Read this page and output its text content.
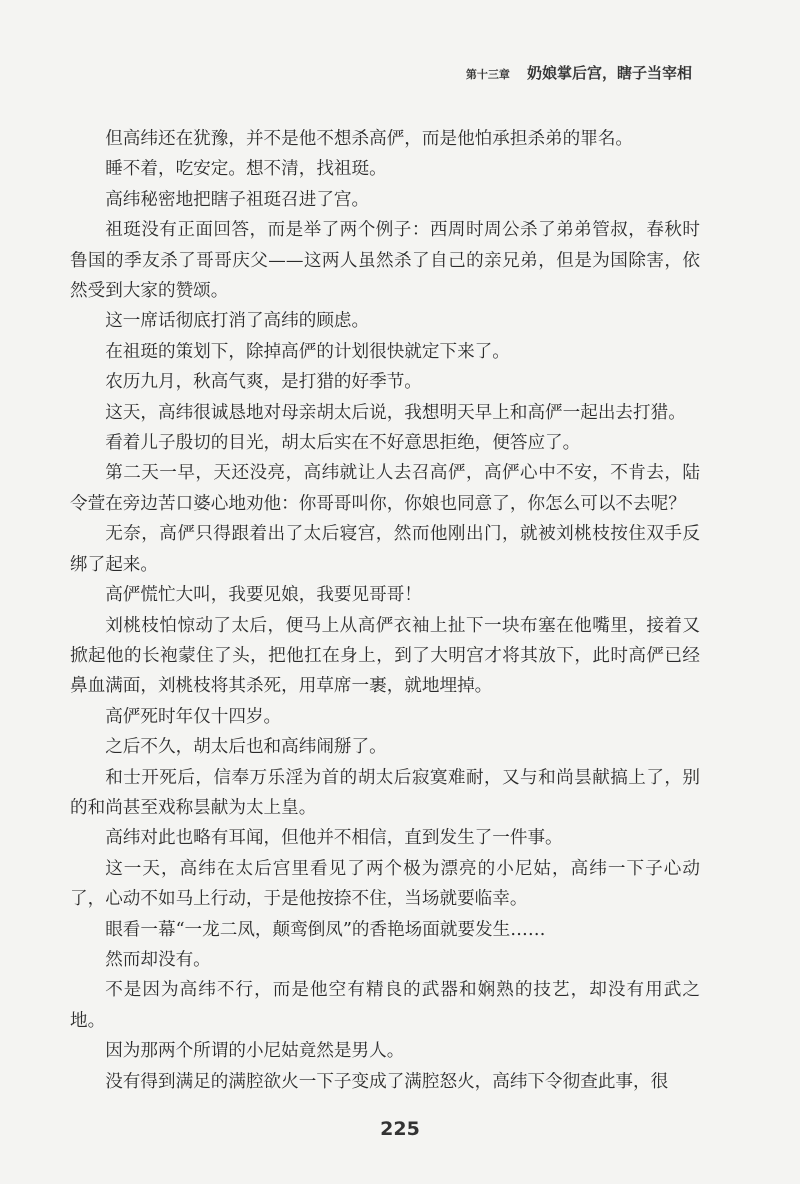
第十三章 奶娘掌后宫，瞎子当宰相

但高纬还在犹豫，并不是他不想杀高俨，而是他怕承担杀弟的罪名。

睡不着，吃安定。想不清，找祖珽。

高纬秘密地把瞎子祖珽召进了宫。

祖珽没有正面回答，而是举了两个例子：西周时周公杀了弟弟管叔，春秋时鲁国的季友杀了哥哥庆父——这两人虽然杀了自己的亲兄弟，但是为国除害，依然受到大家的赞颂。

这一席话彻底打消了高纬的顾虑。

在祖珽的策划下，除掉高俨的计划很快就定下来了。

农历九月，秋高气爽，是打猎的好季节。

这天，高纬很诚恳地对母亲胡太后说，我想明天早上和高俨一起出去打猎。

看着儿子殷切的目光，胡太后实在不好意思拒绝，便答应了。

第二天一早，天还没亮，高纬就让人去召高俨，高俨心中不安，不肯去，陆令萱在旁边苦口婆心地劝他：你哥哥叫你，你娘也同意了，你怎么可以不去呢？

无奈，高俨只得跟着出了太后寝宫，然而他刚出门，就被刘桃枝按住双手反绑了起来。

高俨慌忙大叫，我要见娘，我要见哥哥！

刘桃枝怕惊动了太后，便马上从高俨衣袖上扯下一块布塞在他嘴里，接着又掀起他的长袍蒙住了头，把他扛在身上，到了大明宫才将其放下，此时高俨已经鼻血满面，刘桃枝将其杀死，用草席一裹，就地埋掉。

高俨死时年仅十四岁。

之后不久，胡太后也和高纬闹掰了。

和士开死后，信奉万乐淫为首的胡太后寂寞难耐，又与和尚昙献搞上了，别的和尚甚至戏称昙献为太上皇。

高纬对此也略有耳闻，但他并不相信，直到发生了一件事。

这一天，高纬在太后宫里看见了两个极为漂亮的小尼姑，高纬一下子心动了，心动不如马上行动，于是他按捺不住，当场就要临幸。

眼看一幕“一龙二凤，颠鸾倒凤”的香艳场面就要发生……

然而却没有。

不是因为高纬不行，而是他空有精良的武器和娴熟的技艺，却没有用武之地。

因为那两个所谓的小尼姑竟然是男人。

没有得到满足的满腔欲火一下子变成了满腔怒火，高纬下令彻查此事，很

225
